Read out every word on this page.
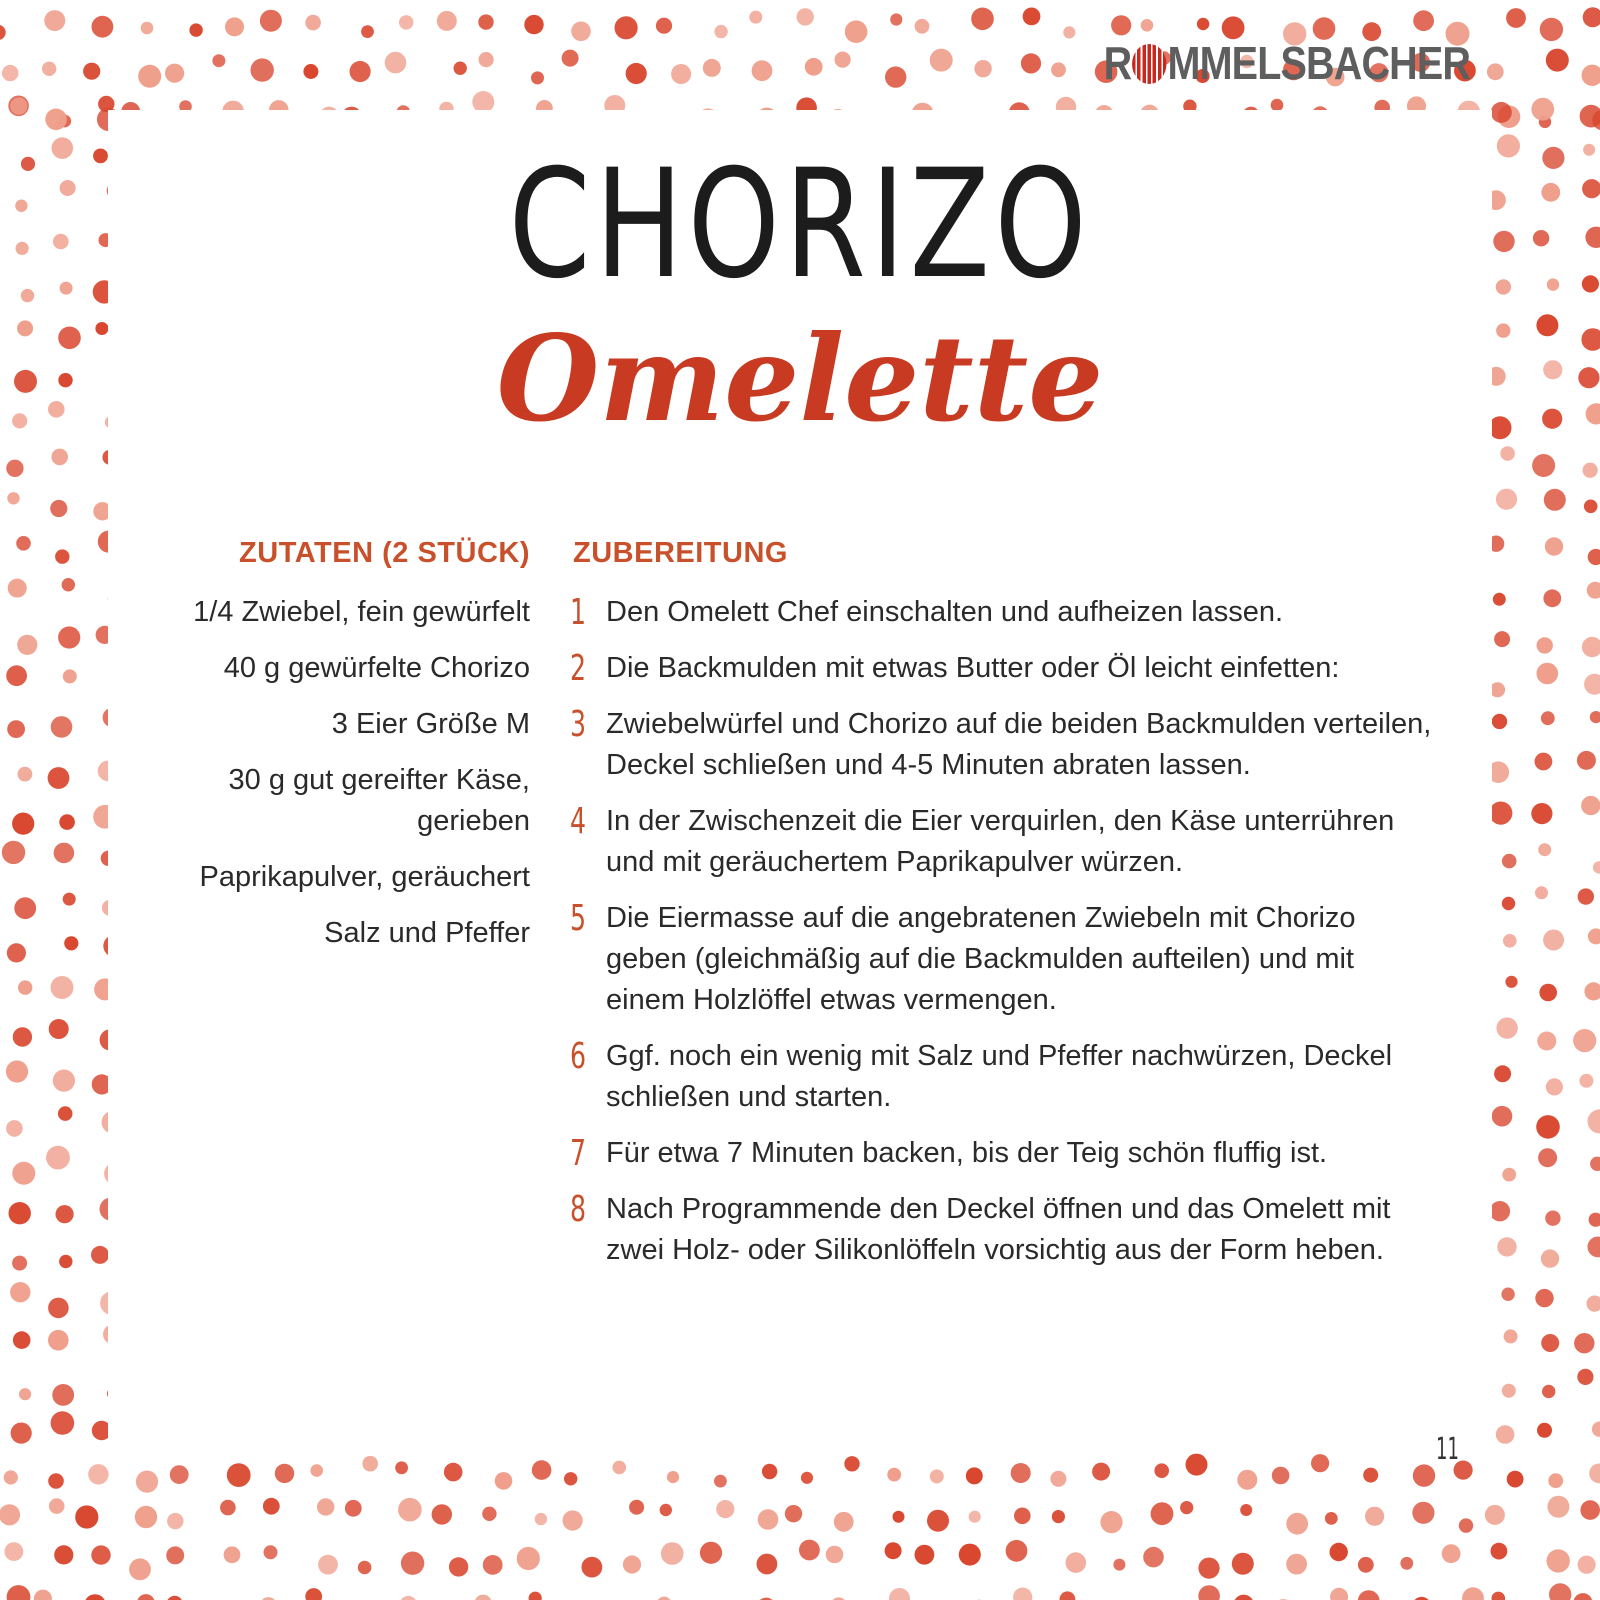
R MMELSBACHER
CHORIZO
Omelette
ZUTATEN (2 STÜCK) ZUBEREITUNG
1/4 Zwiebel, fein gewürfelt
40 g gewürfelte Chorizo
3 Eier Größe M
30 g gut gereifter Käse, gerieben
Paprikapulver, geräuchert
Salz und Pfeffer
1 Den Omelett Chef einschalten und aufheizen lassen.
2 Die Backmulden mit etwas Butter oder Öl leicht einfetten:
3 Zwiebelwürfel und Chorizo auf die beiden Backmulden verteilen, Deckel schließen und 4-5 Minuten abraten lassen.
4 In der Zwischenzeit die Eier verquirlen, den Käse unterrühren und mit geräuchertem Paprikapulver würzen.
5 Die Eiermasse auf die angebratenen Zwiebeln mit Chorizo geben (gleichmäßig auf die Backmulden aufteilen) und mit einem Holzlöffel etwas vermengen.
6 Ggf. noch ein wenig mit Salz und Pfeffer nachwürzen, Deckel schließen und starten.
7 Für etwa 7 Minuten backen, bis der Teig schön fluffig ist.
8 Nach Programmende den Deckel öffnen und das Omelett mit zwei Holz- oder Silikonlöffeln vorsichtig aus der Form heben.
11
